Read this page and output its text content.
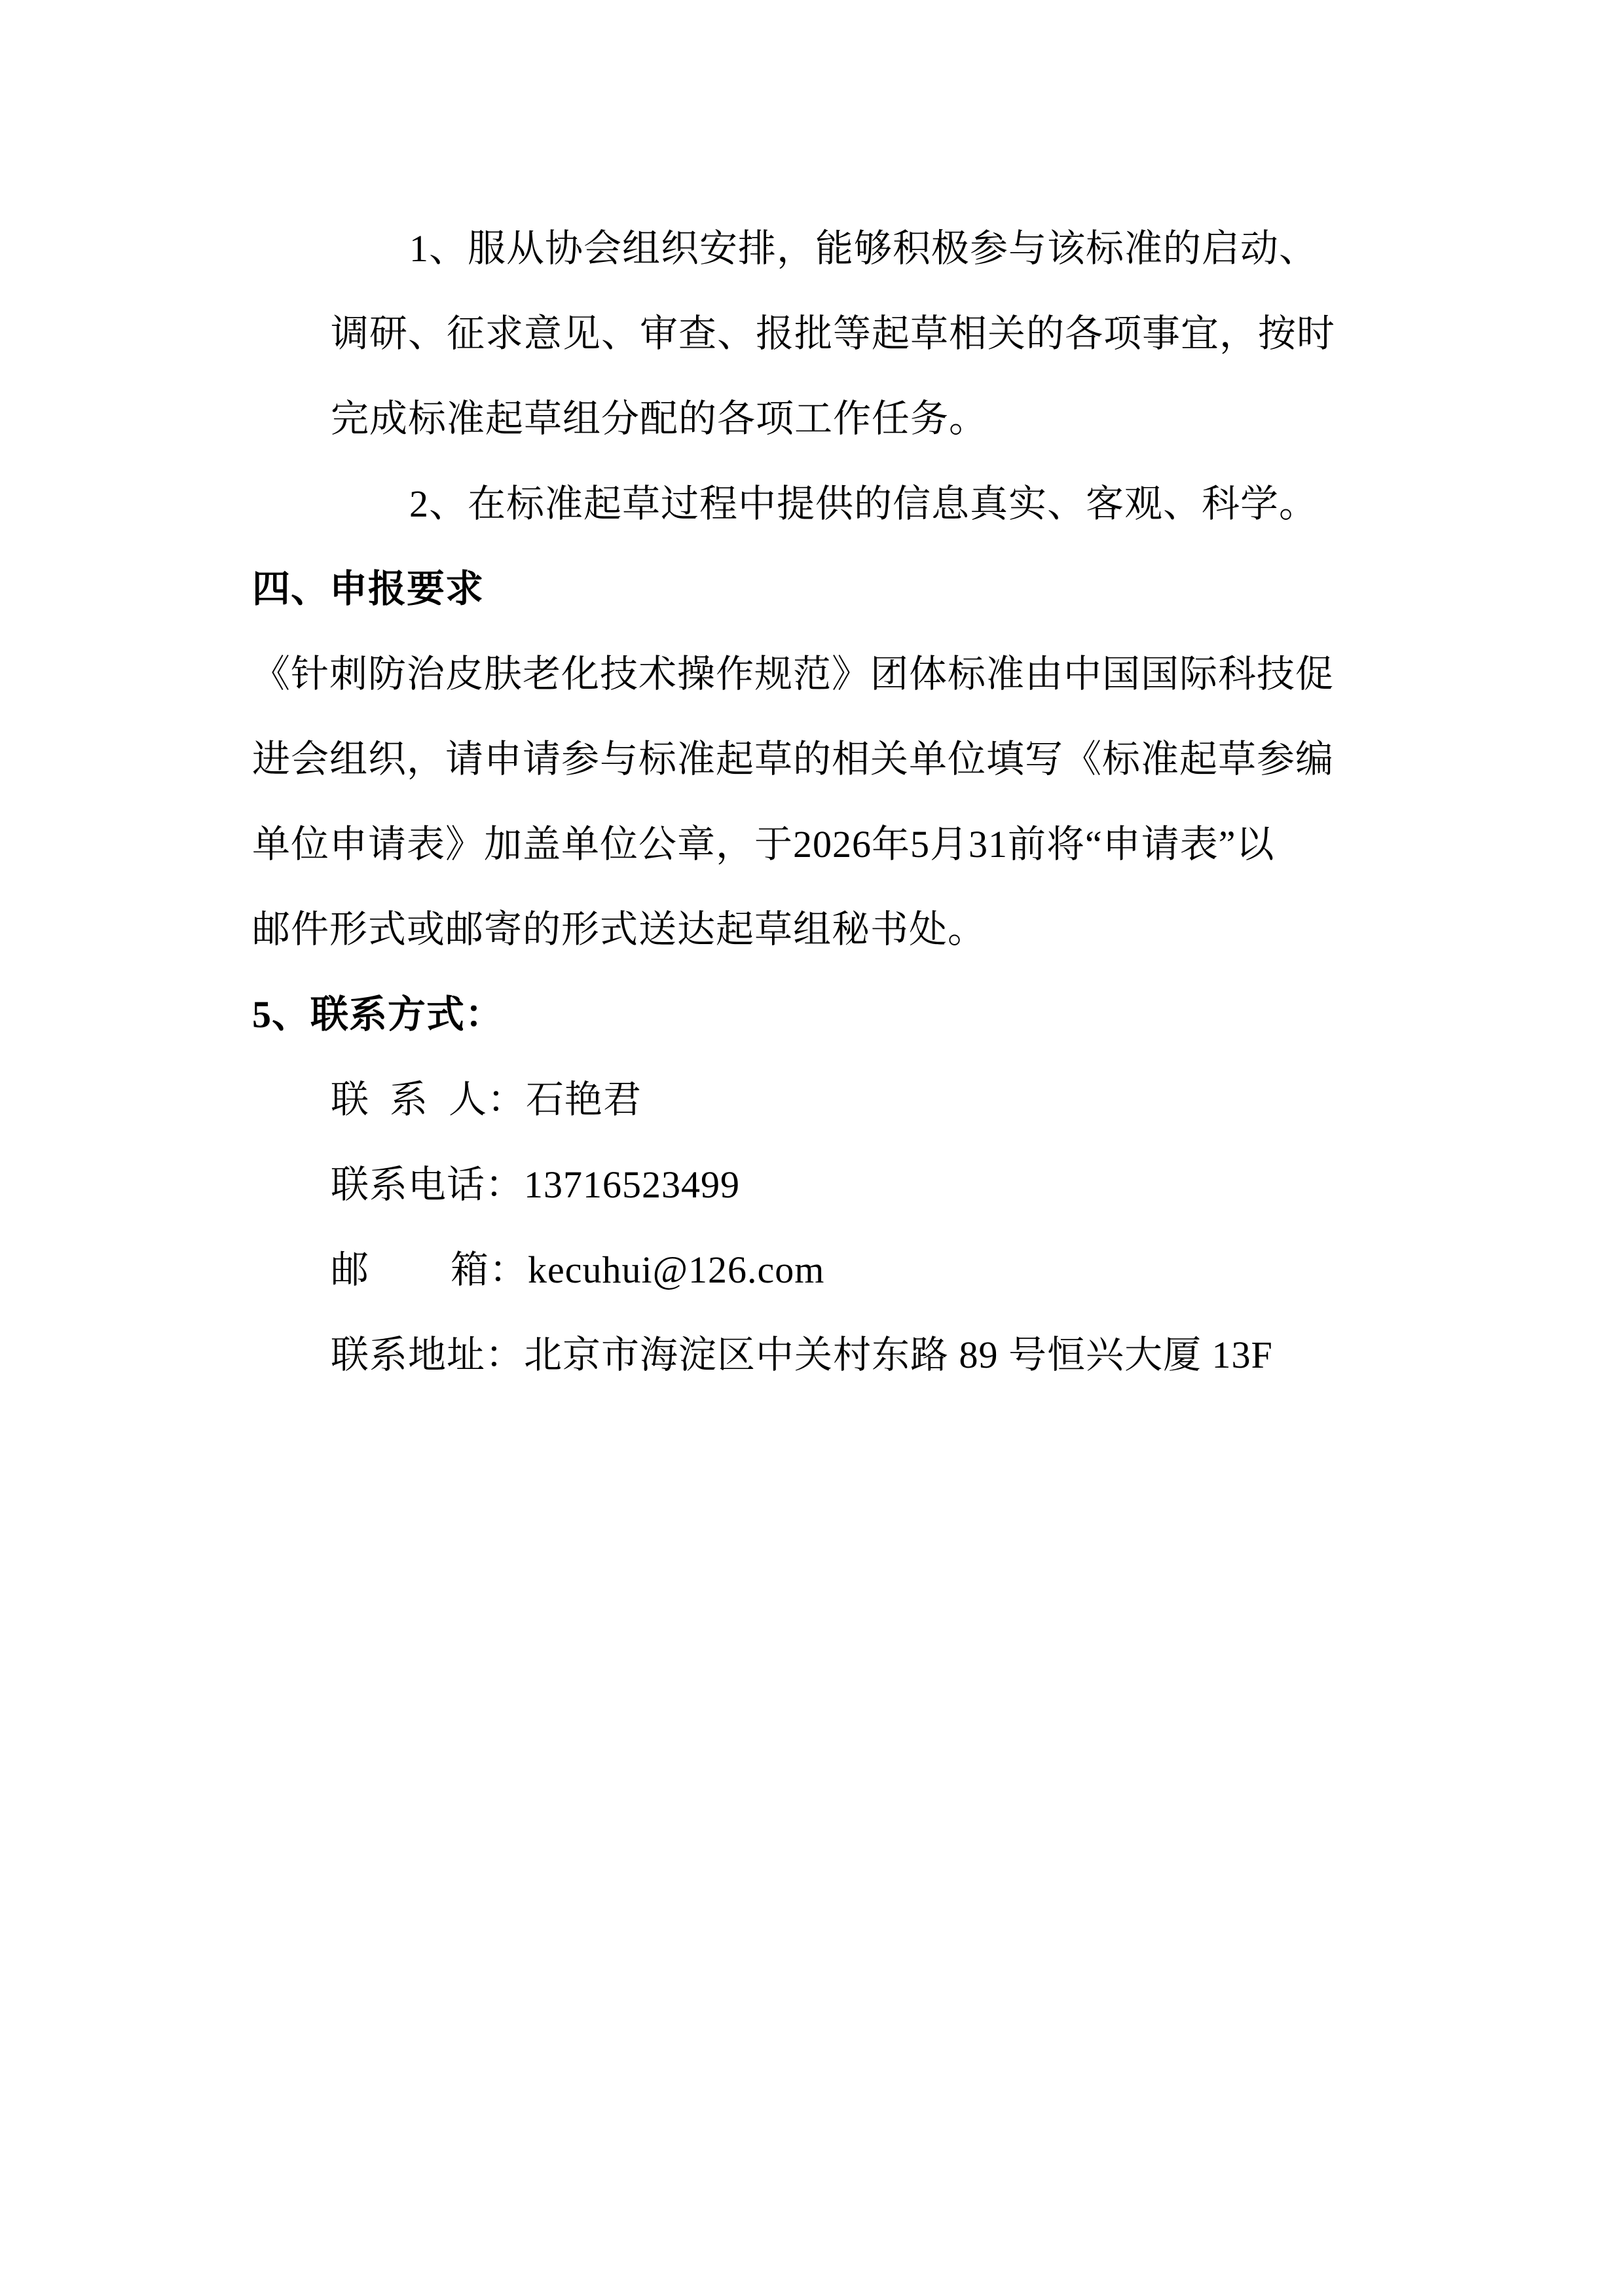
1、服从协会组织安排，能够积极参与该标准的启动、
调研、征求意见、审查、报批等起草相关的各项事宜，按时
完成标准起草组分配的各项工作任务。
2、在标准起草过程中提供的信息真实、客观、科学。
四、申报要求
《针刺防治皮肤老化技术操作规范》团体标准由中国国际科技促
进会组织，请申请参与标准起草的相关单位填写《标准起草参编
单位申请表》加盖单位公章，于2026年5月31前将“申请表”以
邮件形式或邮寄的形式送达起草组秘书处。
5、联系方式：
联  系  人：石艳君
联系电话：13716523499
邮        箱：kecuhui@126.com
联系地址：北京市海淀区中关村东路 89 号恒兴大厦 13F
